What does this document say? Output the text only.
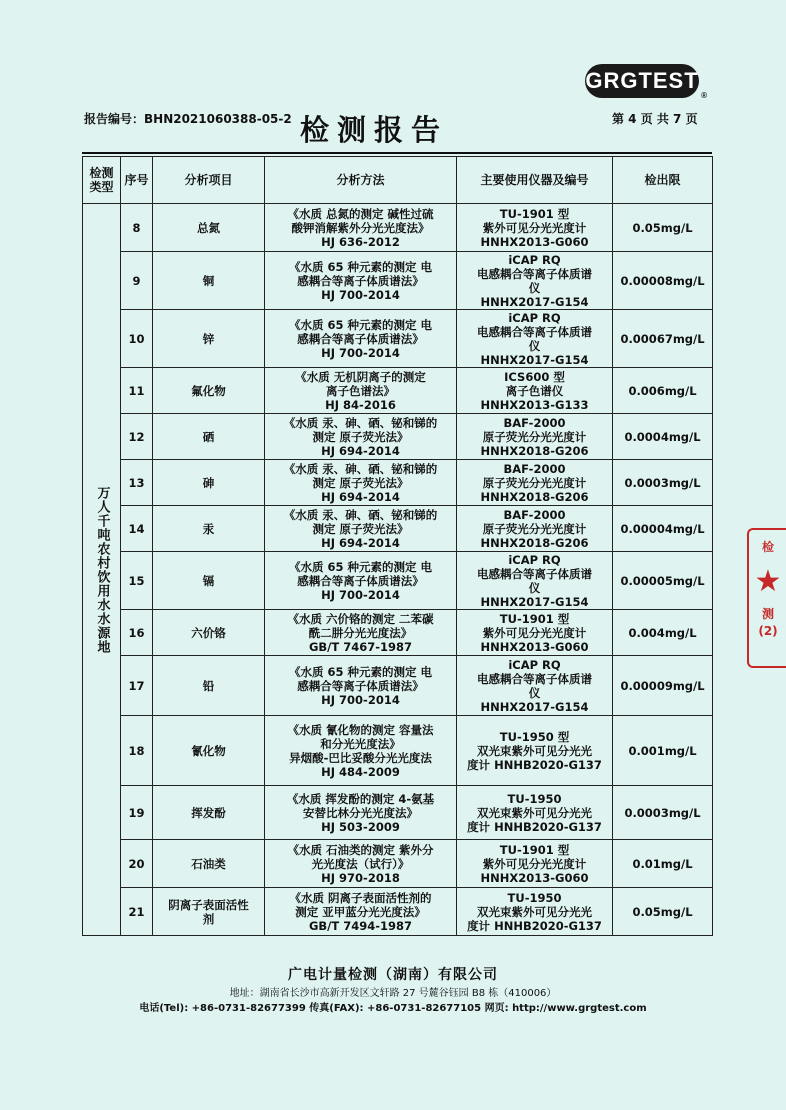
GRGTEST
®
报告编号：BHN2021060388-05-2 检测报告	第 4 页 共 7 页
检测类型	序号	分析项目	分析方法	主要使用仪器及编号	检出限

万人千吨农村饮用水水源地	8	总氮	《水质 总氮的测定 碱性过硫
酸钾消解紫外分光光度法》
HJ 636-2012	TU-1901 型
紫外可见分光光度计
HNHX2013-G060	0.05mg/L
	9	铜	《水质 65 种元素的测定 电
感耦合等离子体质谱法》
HJ 700-2014	iCAP RQ
电感耦合等离子体质谱
仪
HNHX2017-G154	0.00008mg/L
	10	锌	《水质 65 种元素的测定 电
感耦合等离子体质谱法》
HJ 700-2014	iCAP RQ
电感耦合等离子体质谱
仪
HNHX2017-G154	0.00067mg/L
	11	氟化物	《水质 无机阴离子的测定
离子色谱法》
HJ 84-2016	ICS600 型
离子色谱仪
HNHX2013-G133	0.006mg/L
	12	硒	《水质 汞、砷、硒、铋和锑的
测定 原子荧光法》
HJ 694-2014	BAF-2000
原子荧光分光光度计
HNHX2018-G206	0.0004mg/L
	13	砷	《水质 汞、砷、硒、铋和锑的
测定 原子荧光法》
HJ 694-2014	BAF-2000
原子荧光分光光度计
HNHX2018-G206	0.0003mg/L
	14	汞	《水质 汞、砷、硒、铋和锑的
测定 原子荧光法》
HJ 694-2014	BAF-2000
原子荧光分光光度计
HNHX2018-G206	0.00004mg/L
	15	镉	《水质 65 种元素的测定 电
感耦合等离子体质谱法》
HJ 700-2014	iCAP RQ
电感耦合等离子体质谱
仪
HNHX2017-G154	0.00005mg/L
	16	六价铬	《水质 六价铬的测定 二苯碳
酰二肼分光光度法》
GB/T 7467-1987	TU-1901 型
紫外可见分光光度计
HNHX2013-G060	0.004mg/L
	17	铅	《水质 65 种元素的测定 电
感耦合等离子体质谱法》
HJ 700-2014	iCAP RQ
电感耦合等离子体质谱
仪
HNHX2017-G154	0.00009mg/L
	18	氰化物	《水质 氰化物的测定 容量法
和分光光度法》
异烟酸-巴比妥酸分光光度法
HJ 484-2009	TU-1950 型
双光束紫外可见分光光
度计 HNHB2020-G137	0.001mg/L
	19	挥发酚	《水质 挥发酚的测定 4-氨基
安替比林分光光度法》
HJ 503-2009	TU-1950
双光束紫外可见分光光
度计 HNHB2020-G137	0.0003mg/L
	20	石油类	《水质 石油类的测定 紫外分
光光度法（试行）》
HJ 970-2018	TU-1901 型
紫外可见分光光度计
HNHX2013-G060	0.01mg/L
	21	阴离子表面活性
剂	《水质 阴离子表面活性剂的
测定 亚甲蓝分光光度法》
GB/T 7494-1987	TU-1950
双光束紫外可见分光光
度计 HNHB2020-G137	0.05mg/L
广电计量检测（湖南）有限公司
地址：湖南省长沙市高新开发区文轩路 27 号麓谷钰园 B8 栋（410006）
电话(Tel): +86-0731-82677399 传真(FAX): +86-0731-82677105 网页: http://www.grgtest.com
检
★
测
(2)
